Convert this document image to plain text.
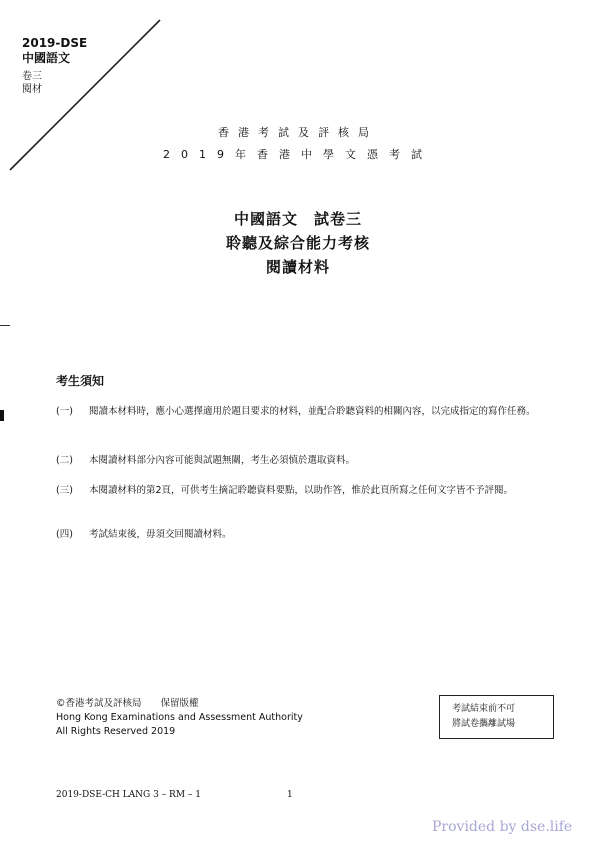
2019-DSE
中國語文
卷三
閱材
香港考試及評核局
2019年香港中學文憑考試
中國語文　試卷三
聆聽及綜合能力考核
閱讀材料
考生須知
(一)	閱讀本材料時，應小心選擇適用於題目要求的材料，並配合聆聽資料的相關內容，以完成指定的寫作任務。
(二)	本閱讀材料部分內容可能與試題無關，考生必須慎於選取資料。
(三)	本閱讀材料的第2頁，可供考生摘記聆聽資料要點，以助作答，惟於此頁所寫之任何文字皆不予評閱。
(四)	考試結束後，毋須交回閱讀材料。
©香港考試及評核局　　保留版權
Hong Kong Examinations and Assessment Authority
All Rights Reserved 2019
考試結束前不可
將試卷攜離試場
2019-DSE-CH LANG 3 – RM – 1	1
Provided by dse.life
